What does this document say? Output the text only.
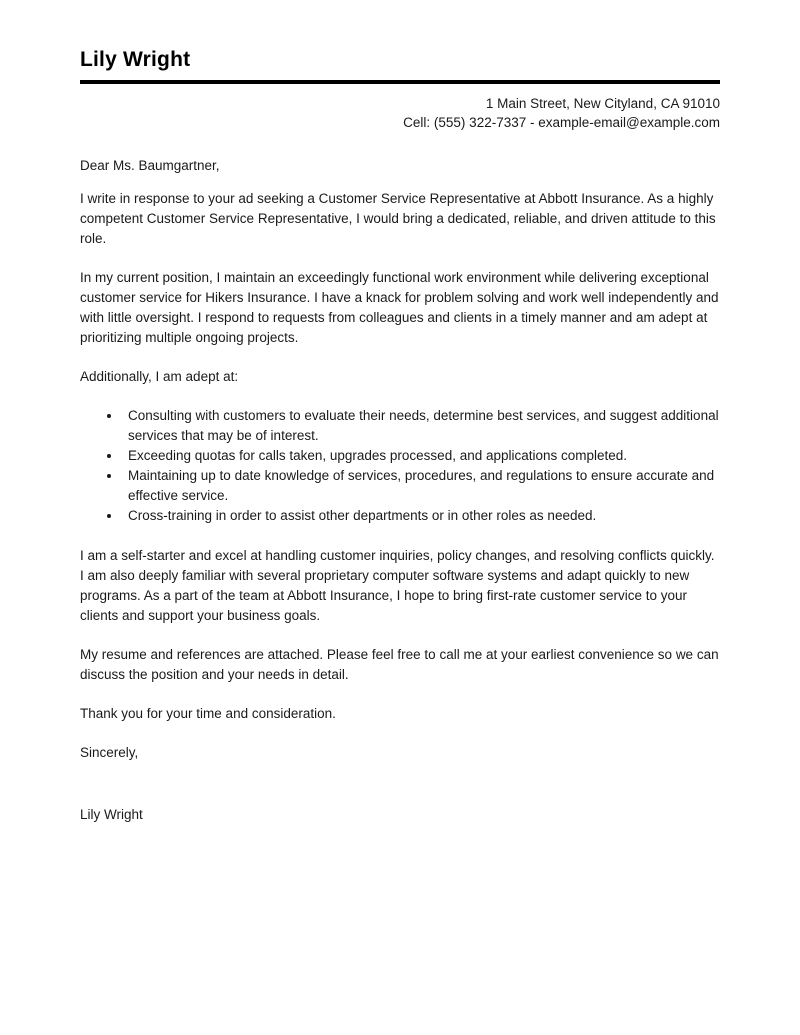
Lily Wright
1 Main Street, New Cityland, CA 91010
Cell: (555) 322-7337 - example-email@example.com
Dear Ms. Baumgartner,
I write in response to your ad seeking a Customer Service Representative at Abbott Insurance. As a highly competent Customer Service Representative, I would bring a dedicated, reliable, and driven attitude to this role.
In my current position, I maintain an exceedingly functional work environment while delivering exceptional customer service for Hikers Insurance. I have a knack for problem solving and work well independently and with little oversight. I respond to requests from colleagues and clients in a timely manner and am adept at prioritizing multiple ongoing projects.
Additionally, I am adept at:
• Consulting with customers to evaluate their needs, determine best services, and suggest additional services that may be of interest.
• Exceeding quotas for calls taken, upgrades processed, and applications completed.
• Maintaining up to date knowledge of services, procedures, and regulations to ensure accurate and effective service.
• Cross-training in order to assist other departments or in other roles as needed.
I am a self-starter and excel at handling customer inquiries, policy changes, and resolving conflicts quickly. I am also deeply familiar with several proprietary computer software systems and adapt quickly to new programs. As a part of the team at Abbott Insurance, I hope to bring first-rate customer service to your clients and support your business goals.
My resume and references are attached. Please feel free to call me at your earliest convenience so we can discuss the position and your needs in detail.
Thank you for your time and consideration.
Sincerely,
Lily Wright
